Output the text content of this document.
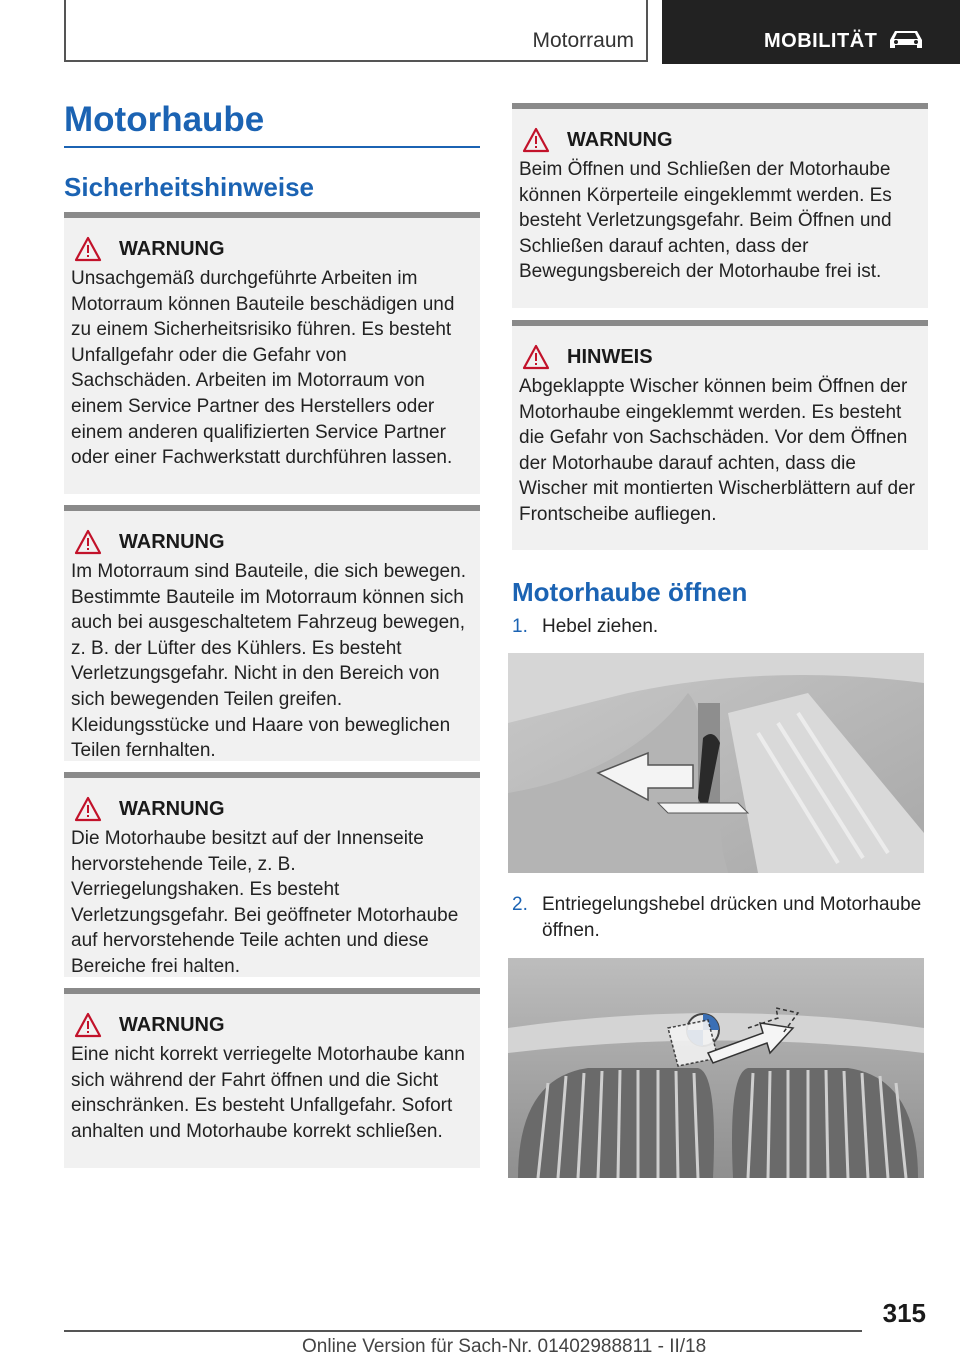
Motorraum	MOBILITÄT
Motorhaube
Sicherheitshinweise
WARNUNG

Unsachgemäß durchgeführte Arbeiten im Motorraum können Bauteile beschädigen und zu einem Sicherheitsrisiko führen. Es besteht Unfallgefahr oder die Gefahr von Sachschäden. Arbeiten im Motorraum von einem Service Partner des Herstellers oder einem anderen qualifizierten Service Partner oder einer Fachwerkstatt durchführen lassen.

WARNUNG

Im Motorraum sind Bauteile, die sich bewegen. Bestimmte Bauteile im Motorraum können sich auch bei ausgeschaltetem Fahrzeug bewegen, z. B. der Lüfter des Kühlers. Es besteht Verletzungsgefahr. Nicht in den Bereich von sich bewegenden Teilen greifen. Kleidungsstücke und Haare von beweglichen Teilen fernhalten.

WARNUNG

Die Motorhaube besitzt auf der Innenseite hervorstehende Teile, z. B. Verriegelungshaken. Es besteht Verletzungsgefahr. Bei geöffneter Motorhaube auf hervorstehende Teile achten und diese Bereiche frei halten.

WARNUNG

Eine nicht korrekt verriegelte Motorhaube kann sich während der Fahrt öffnen und die Sicht einschränken. Es besteht Unfallgefahr. Sofort anhalten und Motorhaube korrekt schließen.

WARNUNG

Beim Öffnen und Schließen der Motorhaube können Körperteile eingeklemmt werden. Es besteht Verletzungsgefahr. Beim Öffnen und Schließen darauf achten, dass der Bewegungsbereich der Motorhaube frei ist.

HINWEIS

Abgeklappte Wischer können beim Öffnen der Motorhaube eingeklemmt werden. Es besteht die Gefahr von Sachschäden. Vor dem Öffnen der Motorhaube darauf achten, dass die Wischer mit montierten Wischerblättern auf der Frontscheibe aufliegen.

Motorhaube öffnen
1. Hebel ziehen.
2. Entriegelungshebel drücken und Motorhaube öffnen.
315
Online Version für Sach-Nr. 01402988811 - II/18
